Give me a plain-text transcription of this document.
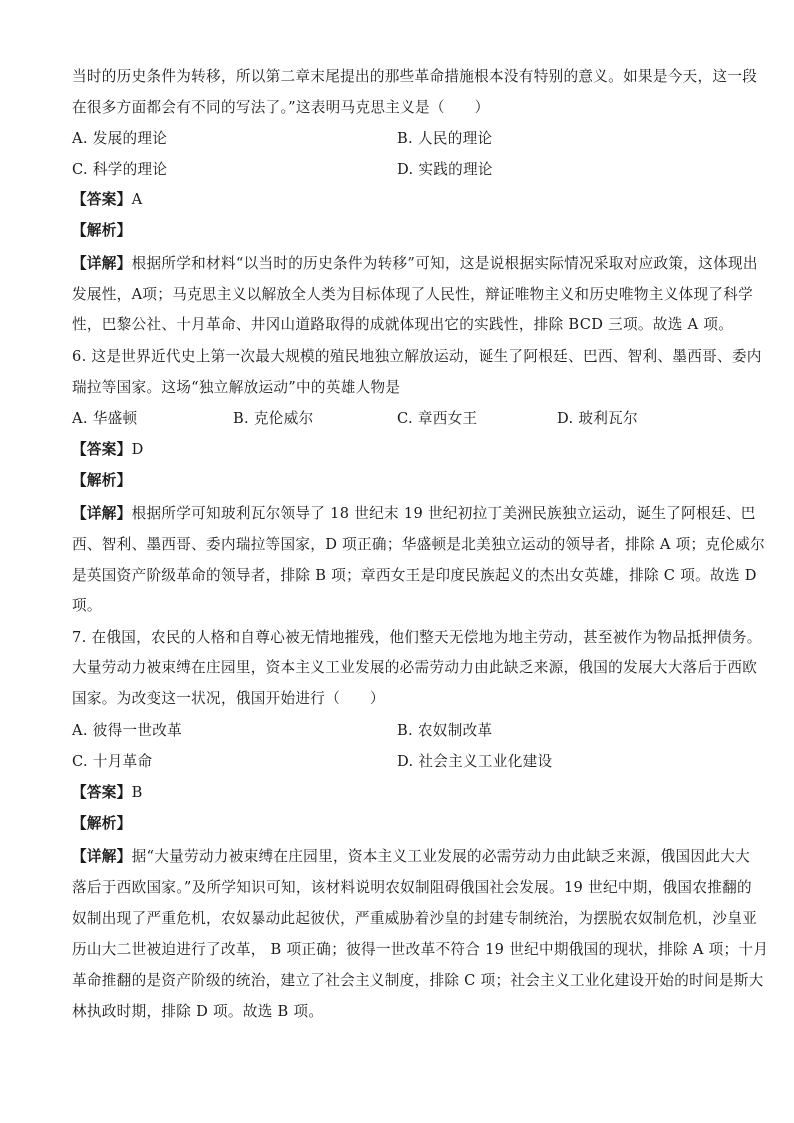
当时的历史条件为转移，所以第二章末尾提出的那些革命措施根本没有特别的意义。如果是今天，这一段
在很多方面都会有不同的写法了。”这表明马克思主义是（　　）
A. 发展的理论	B. 人民的理论
C. 科学的理论	D. 实践的理论
【答案】A
【解析】
【详解】根据所学和材料“以当时的历史条件为转移”可知，这是说根据实际情况采取对应政策，这体现出
发展性，A项；马克思主义以解放全人类为目标体现了人民性，辩证唯物主义和历史唯物主义体现了科学
性，巴黎公社、十月革命、井冈山道路取得的成就体现出它的实践性，排除 BCD 三项。故选 A 项。
6. 这是世界近代史上第一次最大规模的殖民地独立解放运动，诞生了阿根廷、巴西、智利、墨西哥、委内
瑞拉等国家。这场“独立解放运动”中的英雄人物是
A. 华盛顿	B. 克伦威尔	C. 章西女王	D. 玻利瓦尔
【答案】D
【解析】
【详解】根据所学可知玻利瓦尔领导了 18 世纪末 19 世纪初拉丁美洲民族独立运动，诞生了阿根廷、巴
西、智利、墨西哥、委内瑞拉等国家，D 项正确；华盛顿是北美独立运动的领导者，排除 A 项；克伦威尔
是英国资产阶级革命的领导者，排除 B 项；章西女王是印度民族起义的杰出女英雄，排除 C 项。故选 D
项。
7. 在俄国，农民的人格和自尊心被无情地摧残，他们整天无偿地为地主劳动，甚至被作为物品抵押债务。
大量劳动力被束缚在庄园里，资本主义工业发展的必需劳动力由此缺乏来源，俄国的发展大大落后于西欧
国家。为改变这一状况，俄国开始进行（　　）
A. 彼得一世改革	B. 农奴制改革
C. 十月革命	D. 社会主义工业化建设
【答案】B
【解析】
【详解】据“大量劳动力被束缚在庄园里，资本主义工业发展的必需劳动力由此缺乏来源，俄国因此大大
落后于西欧国家。”及所学知识可知，该材料说明农奴制阻碍俄国社会发展。19 世纪中期，俄国农推翻的
奴制出现了严重危机，农奴暴动此起彼伏，严重威胁着沙皇的封建专制统治，为摆脱农奴制危机，沙皇亚
历山大二世被迫进行了改革， B 项正确；彼得一世改革不符合 19 世纪中期俄国的现状，排除 A 项；十月
革命推翻的是资产阶级的统治，建立了社会主义制度，排除 C 项；社会主义工业化建设开始的时间是斯大
林执政时期，排除 D 项。故选 B 项。
